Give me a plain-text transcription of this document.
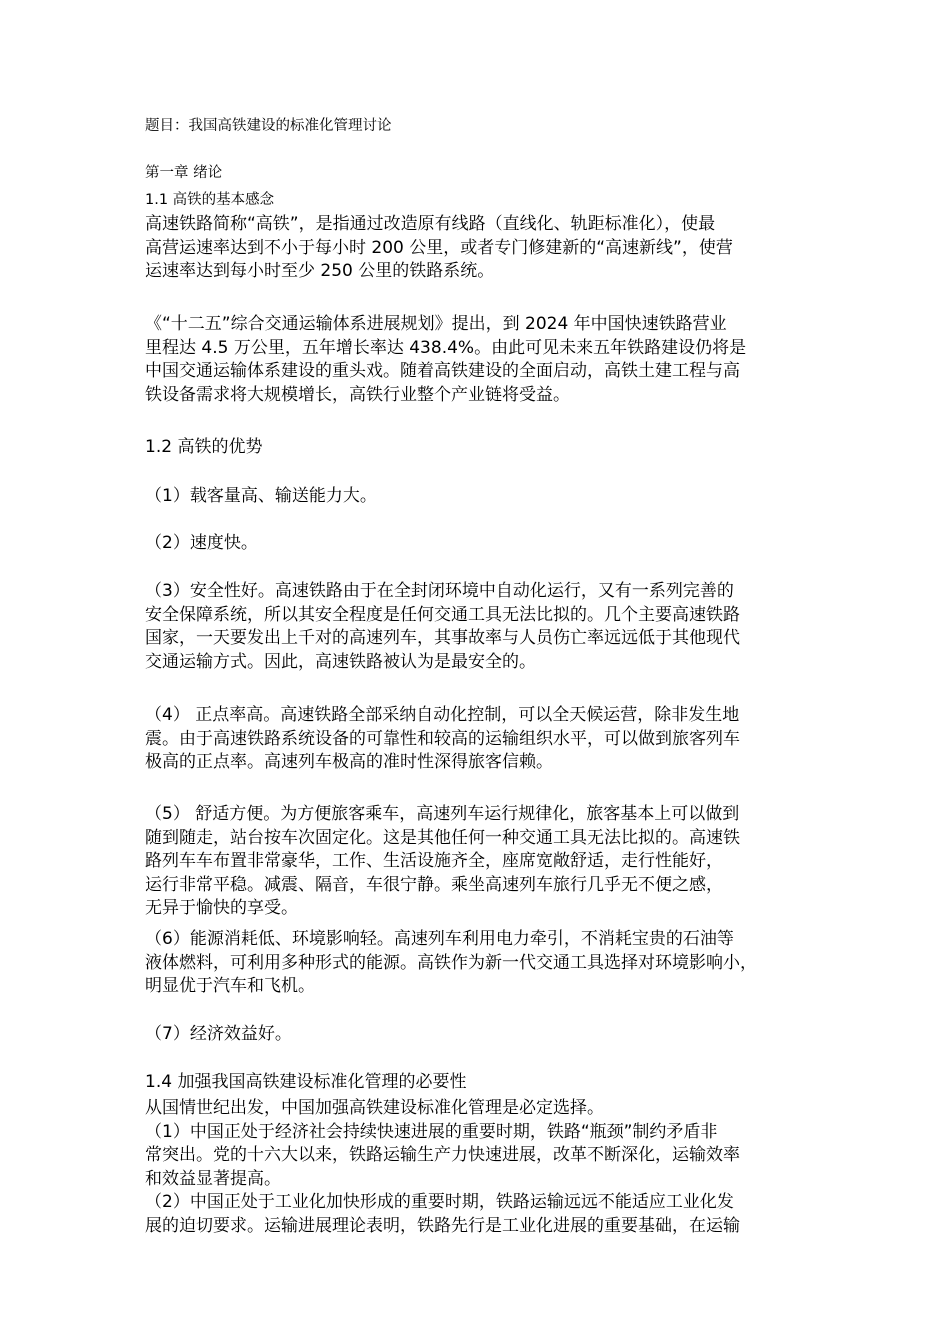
题目：我国高铁建设的标准化管理讨论
第一章 绪论
1.1 高铁的基本感念
高速铁路简称“高铁”，是指通过改造原有线路（直线化、轨距标准化），使最
高营运速率达到不小于每小时 200 公里，或者专门修建新的“高速新线”，使营
运速率达到每小时至少 250 公里的铁路系统。
《“十二五”综合交通运输体系进展规划》提出，到 2024 年中国快速铁路营业
里程达 4.5 万公里，五年增长率达 438.4%。由此可见未来五年铁路建设仍将是
中国交通运输体系建设的重头戏。随着高铁建设的全面启动，高铁土建工程与高
铁设备需求将大规模增长，高铁行业整个产业链将受益。
1.2 高铁的优势
（1）载客量高、输送能力大。
（2）速度快。
（3）安全性好。高速铁路由于在全封闭环境中自动化运行，又有一系列完善的
安全保障系统，所以其安全程度是任何交通工具无法比拟的。几个主要高速铁路
国家，一天要发出上千对的高速列车，其事故率与人员伤亡率远远低于其他现代
交通运输方式。因此，高速铁路被认为是最安全的。
（4） 正点率高。高速铁路全部采纳自动化控制，可以全天候运营，除非发生地
震。由于高速铁路系统设备的可靠性和较高的运输组织水平，可以做到旅客列车
极高的正点率。高速列车极高的准时性深得旅客信赖。
（5） 舒适方便。为方便旅客乘车，高速列车运行规律化，旅客基本上可以做到
随到随走，站台按车次固定化。这是其他任何一种交通工具无法比拟的。高速铁
路列车车布置非常豪华，工作、生活设施齐全，座席宽敞舒适，走行性能好，
运行非常平稳。减震、隔音，车很宁静。乘坐高速列车旅行几乎无不便之感，
无异于愉快的享受。
（6）能源消耗低、环境影响轻。高速列车利用电力牵引，不消耗宝贵的石油等
液体燃料，可利用多种形式的能源。高铁作为新一代交通工具选择对环境影响小，
明显优于汽车和飞机。
（7）经济效益好。
1.4 加强我国高铁建设标准化管理的必要性
从国情世纪出发，中国加强高铁建设标准化管理是必定选择。
（1）中国正处于经济社会持续快速进展的重要时期，铁路“瓶颈”制约矛盾非
常突出。党的十六大以来，铁路运输生产力快速进展，改革不断深化，运输效率
和效益显著提高。
（2）中国正处于工业化加快形成的重要时期，铁路运输远远不能适应工业化发
展的迫切要求。运输进展理论表明，铁路先行是工业化进展的重要基础，在运输
